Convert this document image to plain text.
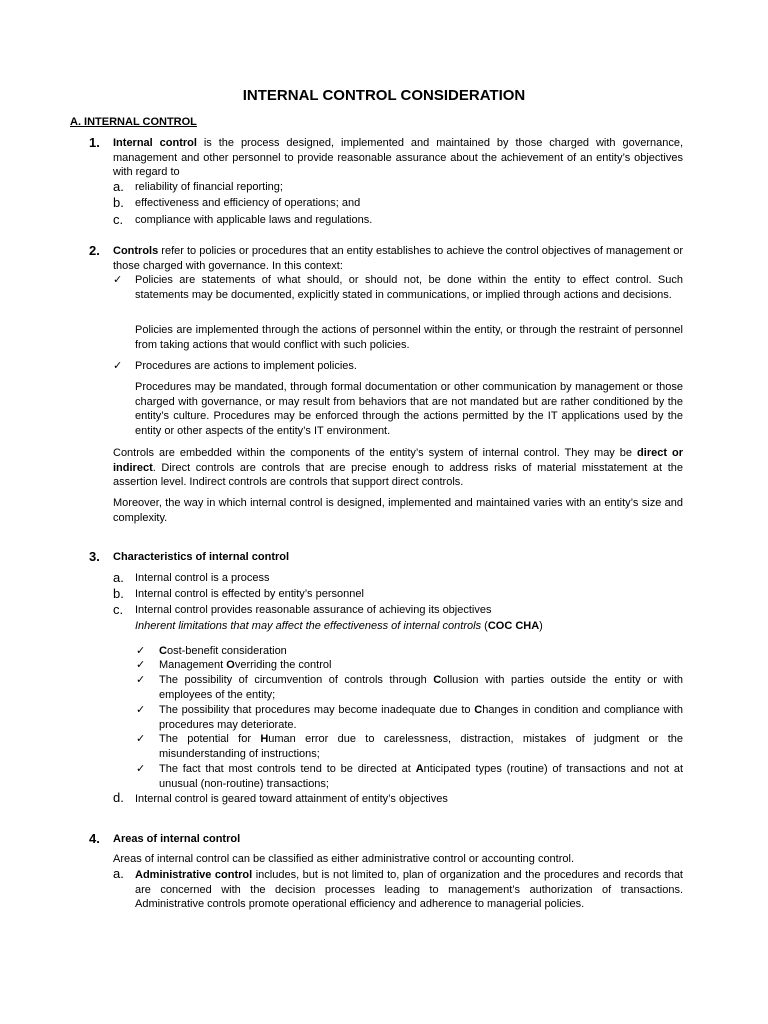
INTERNAL CONTROL CONSIDERATION
A. INTERNAL CONTROL
1. Internal control is the process designed, implemented and maintained by those charged with governance, management and other personnel to provide reasonable assurance about the achievement of an entity’s objectives with regard to
a. reliability of financial reporting;
b. effectiveness and efficiency of operations; and
c. compliance with applicable laws and regulations.
2. Controls refer to policies or procedures that an entity establishes to achieve the control objectives of management or those charged with governance. In this context:
✓ Policies are statements of what should, or should not, be done within the entity to effect control. Such statements may be documented, explicitly stated in communications, or implied through actions and decisions.
Policies are implemented through the actions of personnel within the entity, or through the restraint of personnel from taking actions that would conflict with such policies.
✓ Procedures are actions to implement policies.
Procedures may be mandated, through formal documentation or other communication by management or those charged with governance, or may result from behaviors that are not mandated but are rather conditioned by the entity’s culture. Procedures may be enforced through the actions permitted by the IT applications used by the entity or other aspects of the entity’s IT environment.
Controls are embedded within the components of the entity’s system of internal control. They may be direct or indirect. Direct controls are controls that are precise enough to address risks of material misstatement at the assertion level. Indirect controls are controls that support direct controls.
Moreover, the way in which internal control is designed, implemented and maintained varies with an entity’s size and complexity.
3. Characteristics of internal control
a. Internal control is a process
b. Internal control is effected by entity’s personnel
c. Internal control provides reasonable assurance of achieving its objectives
Inherent limitations that may affect the effectiveness of internal controls (COC CHA)
✓ Cost-benefit consideration
✓ Management Overriding the control
✓ The possibility of circumvention of controls through Collusion with parties outside the entity or with employees of the entity;
✓ The possibility that procedures may become inadequate due to Changes in condition and compliance with procedures may deteriorate.
✓ The potential for Human error due to carelessness, distraction, mistakes of judgment or the misunderstanding of instructions;
✓ The fact that most controls tend to be directed at Anticipated types (routine) of transactions and not at unusual (non-routine) transactions;
d. Internal control is geared toward attainment of entity’s objectives
4. Areas of internal control
Areas of internal control can be classified as either administrative control or accounting control.
a. Administrative control includes, but is not limited to, plan of organization and the procedures and records that are concerned with the decision processes leading to management’s authorization of transactions. Administrative controls promote operational efficiency and adherence to managerial policies.
